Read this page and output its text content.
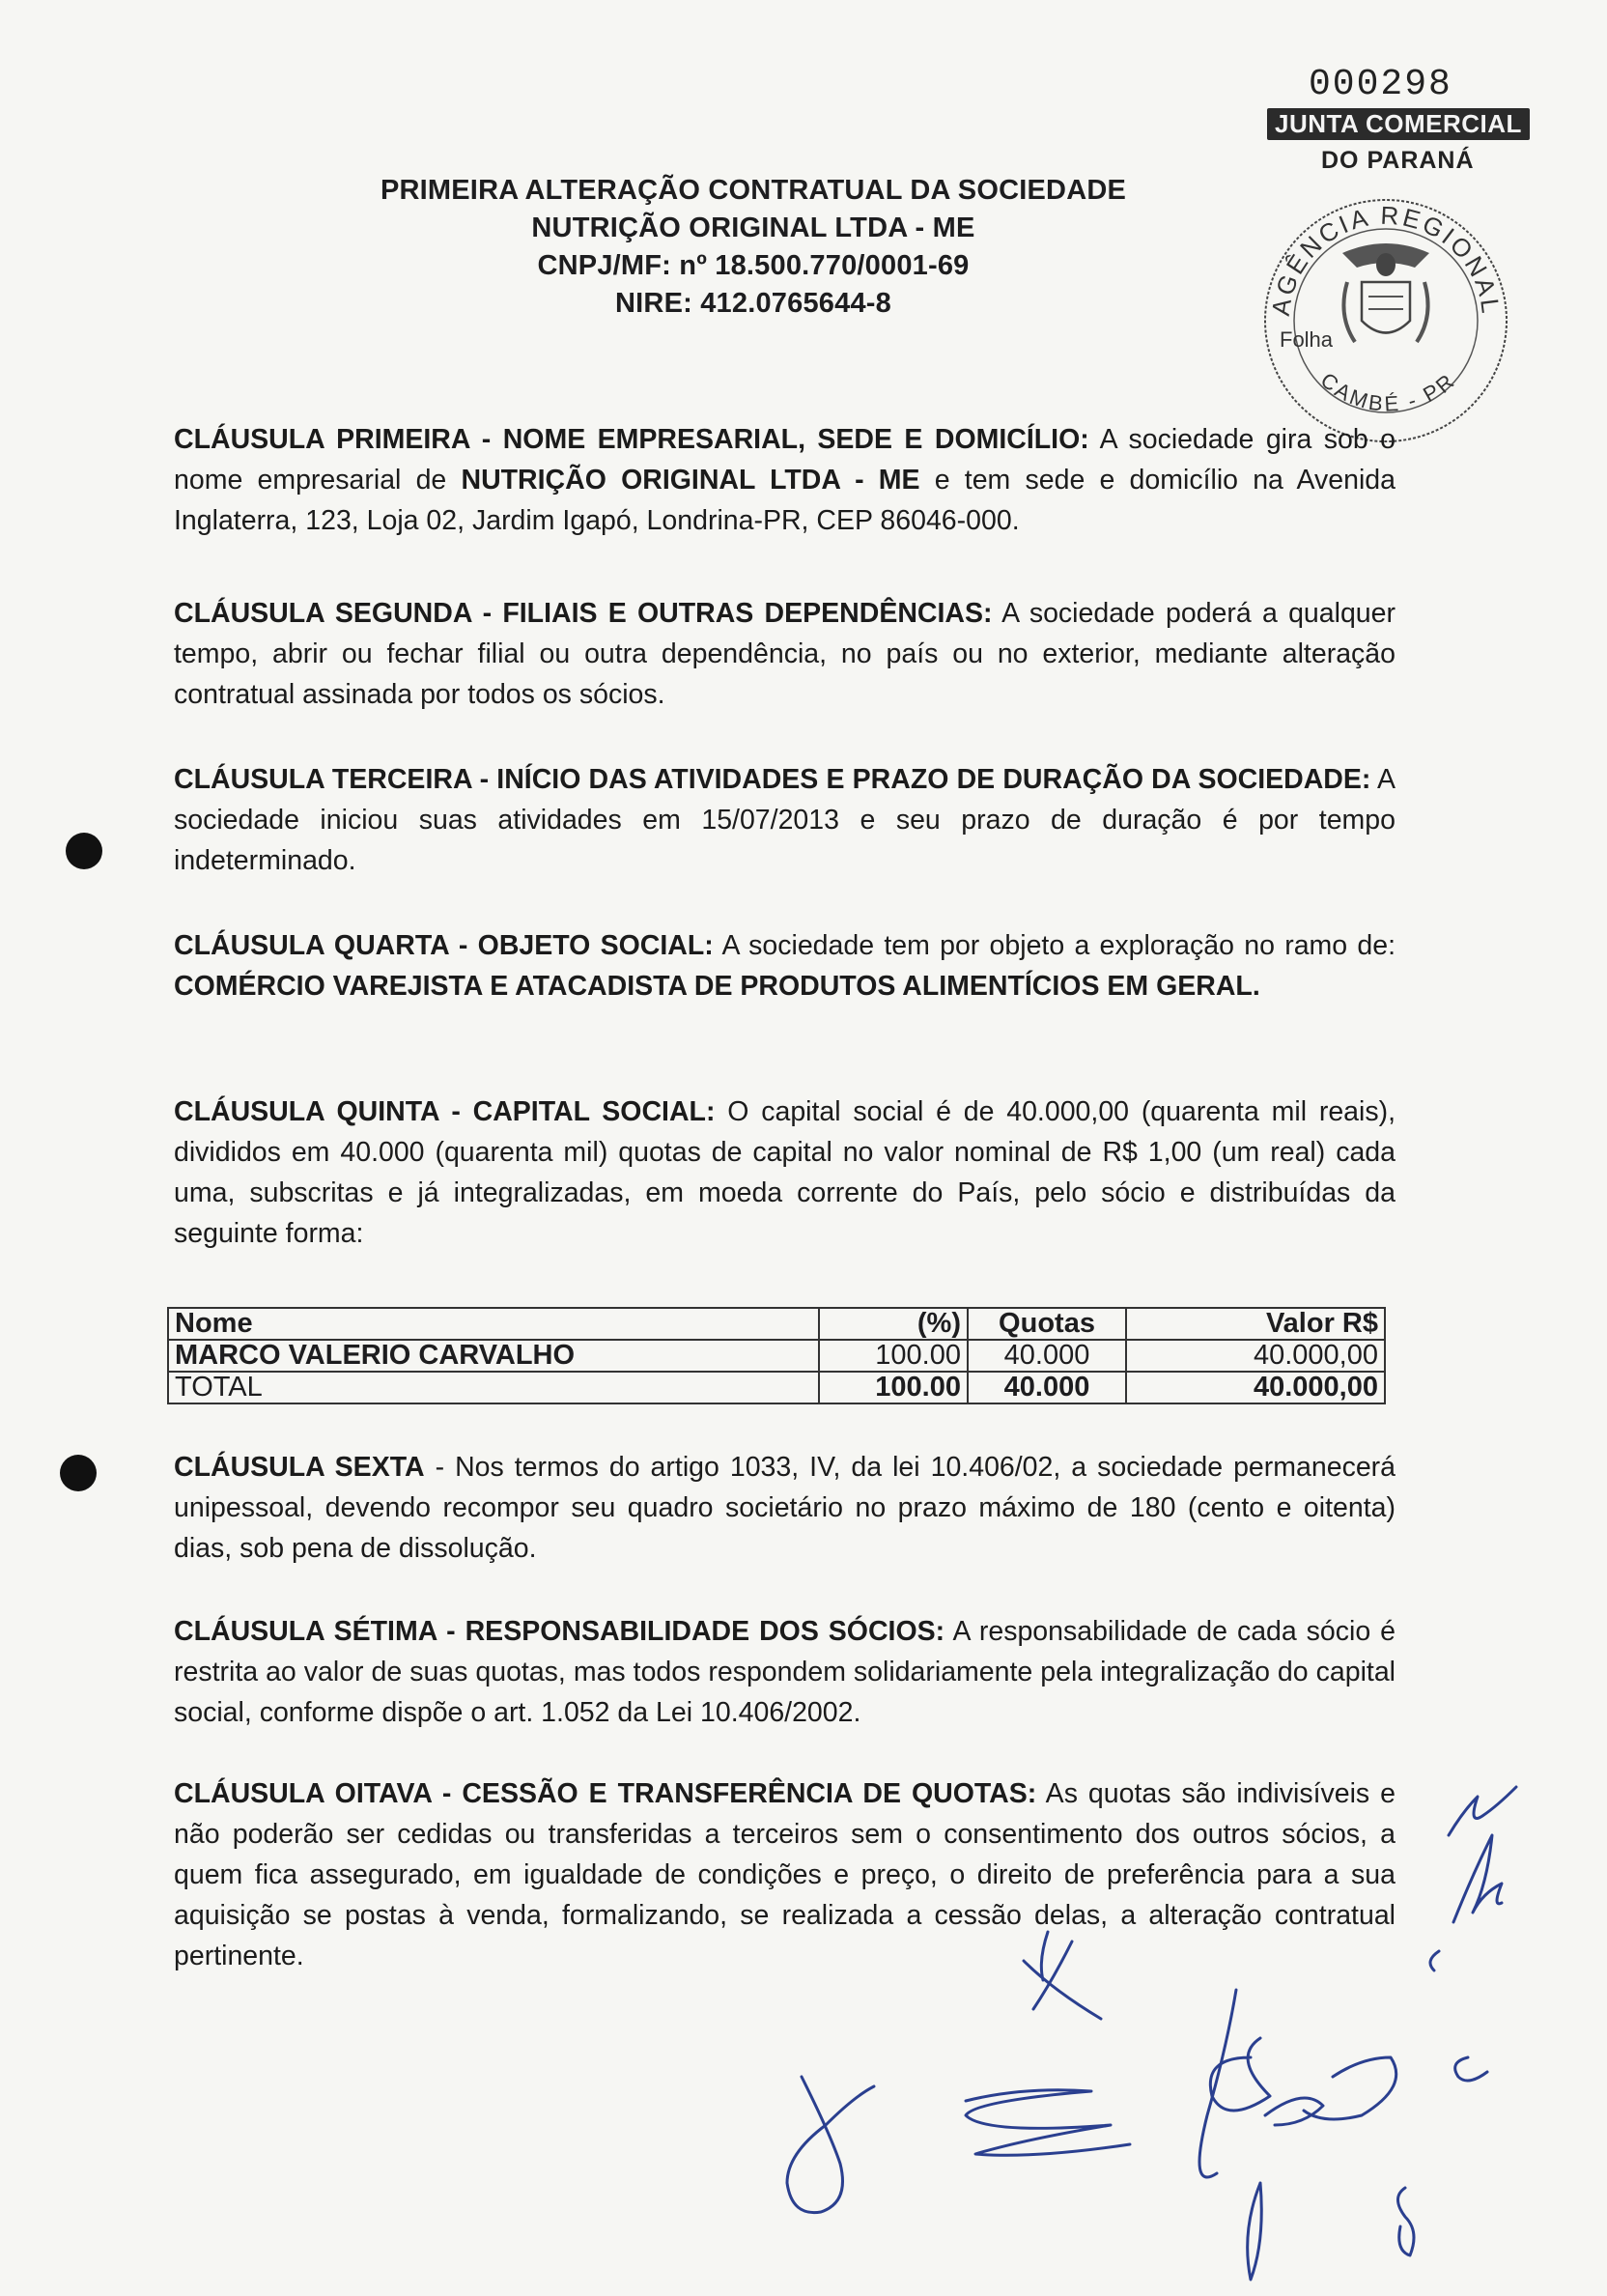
000298
JUNTA COMERCIAL
DO PARANÁ
AGÊNCIA REGIONAL
CAMBÉ - PR
Folha
PRIMEIRA ALTERAÇÃO CONTRATUAL DA SOCIEDADE
NUTRIÇÃO ORIGINAL LTDA - ME
CNPJ/MF: nº 18.500.770/0001-69
NIRE: 412.0765644-8
CLÁUSULA PRIMEIRA - NOME EMPRESARIAL, SEDE E DOMICÍLIO: A sociedade gira sob o nome empresarial de NUTRIÇÃO ORIGINAL LTDA - ME e tem sede e domicílio na Avenida Inglaterra, 123, Loja 02, Jardim Igapó, Londrina-PR, CEP 86046-000.
CLÁUSULA SEGUNDA - FILIAIS E OUTRAS DEPENDÊNCIAS: A sociedade poderá a qualquer tempo, abrir ou fechar filial ou outra dependência, no país ou no exterior, mediante alteração contratual assinada por todos os sócios.
CLÁUSULA TERCEIRA - INÍCIO DAS ATIVIDADES E PRAZO DE DURAÇÃO DA SOCIEDADE: A sociedade iniciou suas atividades em 15/07/2013 e seu prazo de duração é por tempo indeterminado.
CLÁUSULA QUARTA - OBJETO SOCIAL: A sociedade tem por objeto a exploração no ramo de: COMÉRCIO VAREJISTA E ATACADISTA DE PRODUTOS ALIMENTÍCIOS EM GERAL.
CLÁUSULA QUINTA - CAPITAL SOCIAL: O capital social é de 40.000,00 (quarenta mil reais), divididos em 40.000 (quarenta mil) quotas de capital no valor nominal de R$ 1,00 (um real) cada uma, subscritas e já integralizadas, em moeda corrente do País, pelo sócio e distribuídas da seguinte forma:
Nome	(%)	Quotas	Valor R$
MARCO VALERIO CARVALHO	100.00	40.000	40.000,00
TOTAL	100.00	40.000	40.000,00
CLÁUSULA SEXTA - Nos termos do artigo 1033, IV, da lei 10.406/02, a sociedade permanecerá unipessoal, devendo recompor seu quadro societário no prazo máximo de 180 (cento e oitenta) dias, sob pena de dissolução.
CLÁUSULA SÉTIMA - RESPONSABILIDADE DOS SÓCIOS: A responsabilidade de cada sócio é restrita ao valor de suas quotas, mas todos respondem solidariamente pela integralização do capital social, conforme dispõe o art. 1.052 da Lei 10.406/2002.
CLÁUSULA OITAVA - CESSÃO E TRANSFERÊNCIA DE QUOTAS: As quotas são indivisíveis e não poderão ser cedidas ou transferidas a terceiros sem o consentimento dos outros sócios, a quem fica assegurado, em igualdade de condições e preço, o direito de preferência para a sua aquisição se postas à venda, formalizando, se realizada a cessão delas, a alteração contratual pertinente.
